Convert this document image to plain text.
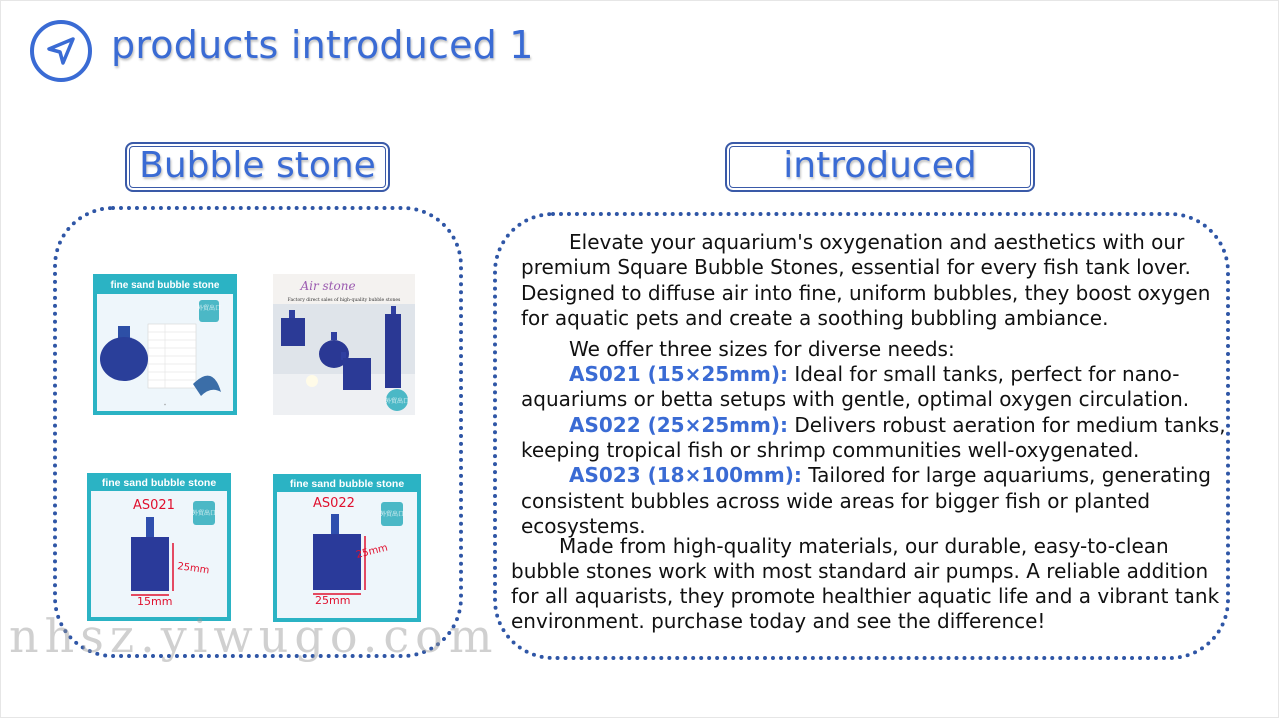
products introduced 1
Bubble stone	introduced
fine sand bubble stone
外贸出口
*
Air stone
Factory direct sales of high-quality bubble stones
外贸出口
fine sand bubble stone
外贸出口
AS021
25mm
15mm
fine sand bubble stone
外贸出口
AS022
25mm
25mm
Elevate your aquarium's oxygenation and aesthetics with our
premium Square Bubble Stones, essential for every fish tank lover.
Designed to diffuse air into fine, uniform bubbles, they boost oxygen
for aquatic pets and create a soothing bubbling ambiance.
We offer three sizes for diverse needs:
AS021 (15×25mm): Ideal for small tanks, perfect for nano-
aquariums or betta setups with gentle, optimal oxygen circulation.
AS022 (25×25mm): Delivers robust aeration for medium tanks,
keeping tropical fish or shrimp communities well-oxygenated.
AS023 (18×100mm): Tailored for large aquariums, generating
consistent bubbles across wide areas for bigger fish or planted
ecosystems.
Made from high-quality materials, our durable, easy-to-clean
bubble stones work with most standard air pumps. A reliable addition
for all aquarists, they promote healthier aquatic life and a vibrant tank
environment. purchase today and see the difference!
nhsz.yiwugo.com
